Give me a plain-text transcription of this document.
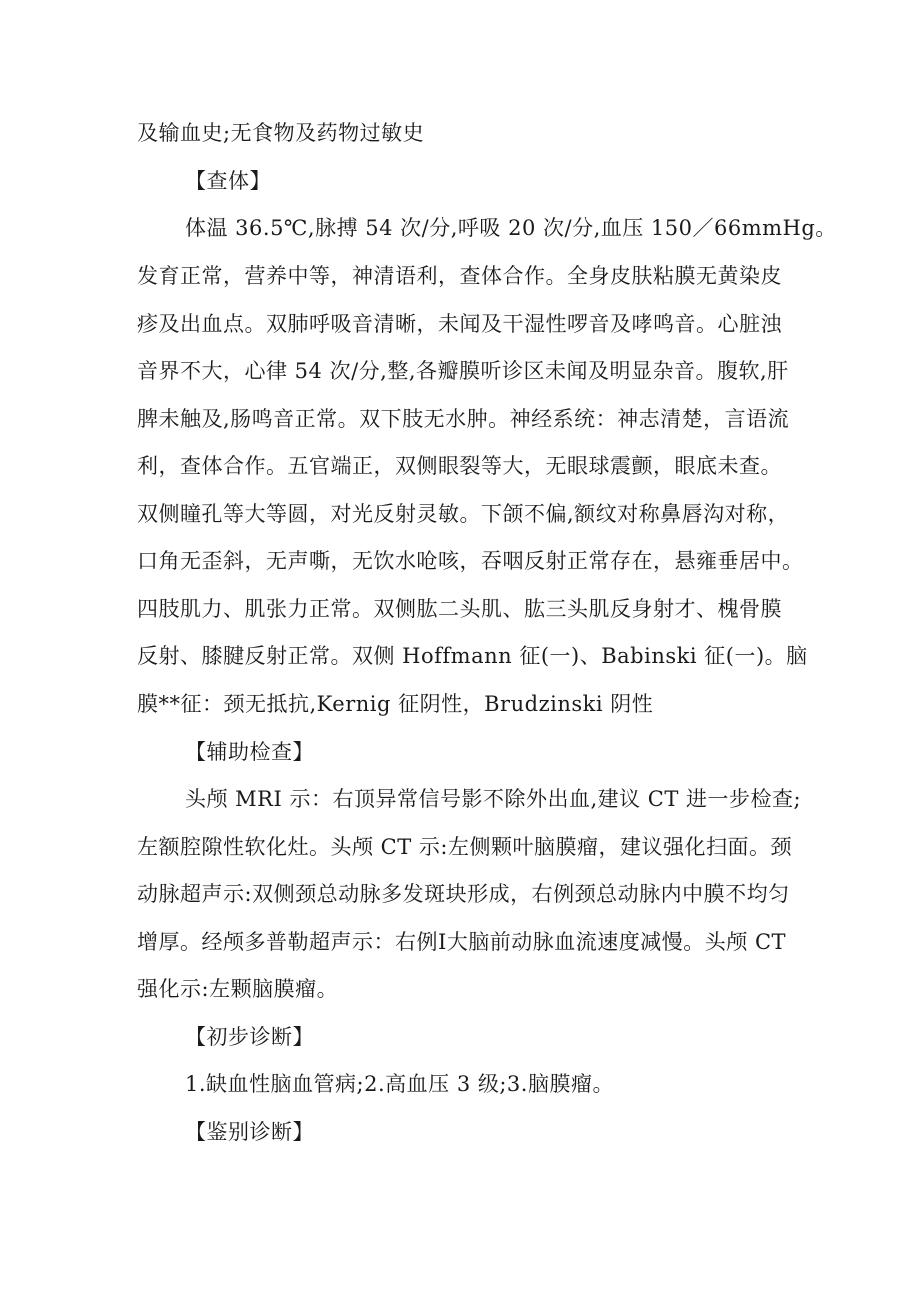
及输血史;无食物及药物过敏史
【查体】
体温 36.5℃,脉搏 54 次/分,呼吸 20 次/分,血压 150／66mmHg。
发育正常，营养中等，神清语利，查体合作。全身皮肤粘膜无黄染皮
疹及出血点。双肺呼吸音清晰，未闻及干湿性啰音及哮鸣音。心脏浊
音界不大，心律 54 次/分,整,各瓣膜听诊区未闻及明显杂音。腹软,肝
脾未触及,肠鸣音正常。双下肢无水肿。神经系统：神志清楚，言语流
利，查体合作。五官端正，双侧眼裂等大，无眼球震颤，眼底未查。
双侧瞳孔等大等圆，对光反射灵敏。下颌不偏,额纹对称鼻唇沟对称，
口角无歪斜，无声嘶，无饮水呛咳，吞咽反射正常存在，悬雍垂居中。
四肢肌力、肌张力正常。双侧肱二头肌、肱三头肌反身射才、槐骨膜
反射、膝腱反射正常。双侧 Hoffmann 征(一)、Babinski 征(一)。脑
膜**征：颈无抵抗,Kernig 征阴性，Brudzinski 阴性
【辅助检查】
头颅 MRI 示：右顶异常信号影不除外出血,建议 CT 进一步检查;
左额腔隙性软化灶。头颅 CT 示:左侧颗叶脑膜瘤，建议强化扫面。颈
动脉超声示:双侧颈总动脉多发斑块形成，右例颈总动脉内中膜不均匀
增厚。经颅多普勒超声示：右例Ⅰ大脑前动脉血流速度减慢。头颅 CT
强化示:左颗脑膜瘤。
【初步诊断】
1.缺血性脑血管病;2.高血压 3 级;3.脑膜瘤。
【鉴别诊断】
